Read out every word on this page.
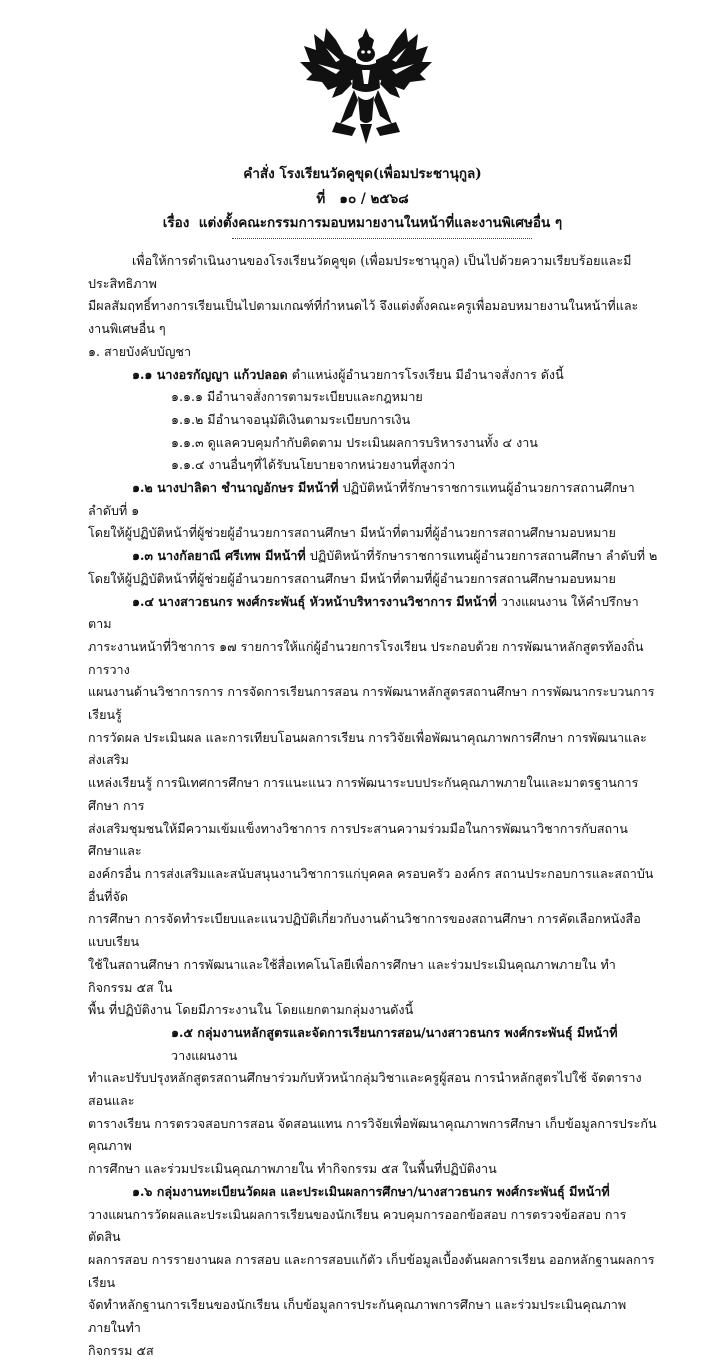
คำสั่ง โรงเรียนวัดคูขุด(เพื่อมประชานุกูล)
ที่ ๑๐ / ๒๕๖๘
เรื่อง แต่งตั้งคณะกรรมการมอบหมายงานในหน้าที่และงานพิเศษอื่น ๆ

เพื่อให้การดำเนินงานของโรงเรียนวัดคูขุด (เพื่อมประชานุกูล) เป็นไปด้วยความเรียบร้อยและมีประสิทธิภาพ

มีผลสัมฤทธิ์ทางการเรียนเป็นไปตามเกณฑ์ที่กำหนดไว้ จึงแต่งตั้งคณะครูเพื่อมอบหมายงานในหน้าที่และงานพิเศษอื่น ๆ

๑. สายบังคับบัญชา

๑.๑ นางอรกัญญา แก้วปลอด ตำแหน่งผู้อำนวยการโรงเรียน มีอำนาจสั่งการ ดังนี้

๑.๑.๑ มีอำนาจสั่งการตามระเบียบและกฎหมาย

๑.๑.๒ มีอำนาจอนุมัติเงินตามระเบียบการเงิน

๑.๑.๓ ดูแลควบคุมกำกับติดตาม ประเมินผลการบริหารงานทั้ง ๔ งาน

๑.๑.๔ งานอื่นๆที่ได้รับนโยบายจากหน่วยงานที่สูงกว่า

๑.๒ นางปาลิดา ชำนาญอักษร มีหน้าที่ ปฏิบัติหน้าที่รักษาราชการแทนผู้อำนวยการสถานศึกษา ลำดับที่ ๑

โดยให้ผู้ปฏิบัติหน้าที่ผู้ช่วยผู้อำนวยการสถานศึกษา มีหน้าที่ตามที่ผู้อำนวยการสถานศึกษามอบหมาย

๑.๓ นางกัลยาณี ศรีเทพ มีหน้าที่ ปฏิบัติหน้าที่รักษาราชการแทนผู้อำนวยการสถานศึกษา ลำดับที่ ๒

โดยให้ผู้ปฏิบัติหน้าที่ผู้ช่วยผู้อำนวยการสถานศึกษา มีหน้าที่ตามที่ผู้อำนวยการสถานศึกษามอบหมาย

๑.๔ นางสาวธนกร พงศ์กระพันธุ์ หัวหน้าบริหารงานวิชาการ มีหน้าที่ วางแผนงาน ให้คำปรึกษา ตาม

ภาระงานหน้าที่วิชาการ ๑๗ รายการให้แก่ผู้อำนวยการโรงเรียน ประกอบด้วย การพัฒนาหลักสูตรท้องถิ่น การวาง

แผนงานด้านวิชาการการ การจัดการเรียนการสอน การพัฒนาหลักสูตรสถานศึกษา การพัฒนากระบวนการเรียนรู้

การวัดผล ประเมินผล และการเทียบโอนผลการเรียน การวิจัยเพื่อพัฒนาคุณภาพการศึกษา การพัฒนาและส่งเสริม

แหล่งเรียนรู้ การนิเทศการศึกษา การแนะแนว การพัฒนาระบบประกันคุณภาพภายในและมาตรฐานการศึกษา การ

ส่งเสริมชุมชนให้มีความเข้มแข็งทางวิชาการ การประสานความร่วมมือในการพัฒนาวิชาการกับสถานศึกษาและ

องค์กรอื่น การส่งเสริมและสนับสนุนงานวิชาการแก่บุคคล ครอบครัว องค์กร สถานประกอบการและสถาบันอื่นที่จัด

การศึกษา การจัดทำระเบียบและแนวปฏิบัติเกี่ยวกับงานด้านวิชาการของสถานศึกษา การคัดเลือกหนังสือแบบเรียน

ใช้ในสถานศึกษา การพัฒนาและใช้สื่อเทคโนโลยีเพื่อการศึกษา และร่วมประเมินคุณภาพภายใน ทำกิจกรรม ๕ส ใน

พื้น ที่ปฏิบัติงาน โดยมีภาระงานใน โดยแยกตามกลุ่มงานดังนี้

๑.๕ กลุ่มงานหลักสูตรและจัดการเรียนการสอน/นางสาวธนกร พงศ์กระพันธุ์ มีหน้าที่ วางแผนงาน

ทำและปรับปรุงหลักสูตรสถานศึกษาร่วมกับหัวหน้ากลุ่มวิชาและครูผู้สอน การนำหลักสูตรไปใช้ จัดตารางสอนและ

ตารางเรียน การตรวจสอบการสอน จัดสอนแทน การวิจัยเพื่อพัฒนาคุณภาพการศึกษา เก็บข้อมูลการประกันคุณภาพ

การศึกษา และร่วมประเมินคุณภาพภายใน ทำกิจกรรม ๕ส ในพื้นที่ปฏิบัติงาน

๑.๖ กลุ่มงานทะเบียนวัดผล และประเมินผลการศึกษา/นางสาวธนกร พงศ์กระพันธุ์ มีหน้าที่

วางแผนการวัดผลและประเมินผลการเรียนของนักเรียน ควบคุมการออกข้อสอบ การตรวจข้อสอบ การตัดสิน

ผลการสอบ การรายงานผล การสอบ และการสอบแก้ตัว เก็บข้อมูลเบื้องต้นผลการเรียน ออกหลักฐานผลการเรียน

จัดทำหลักฐานการเรียนของนักเรียน เก็บข้อมูลการประกันคุณภาพการศึกษา และร่วมประเมินคุณภาพภายในทำ

กิจกรรม ๕ส
